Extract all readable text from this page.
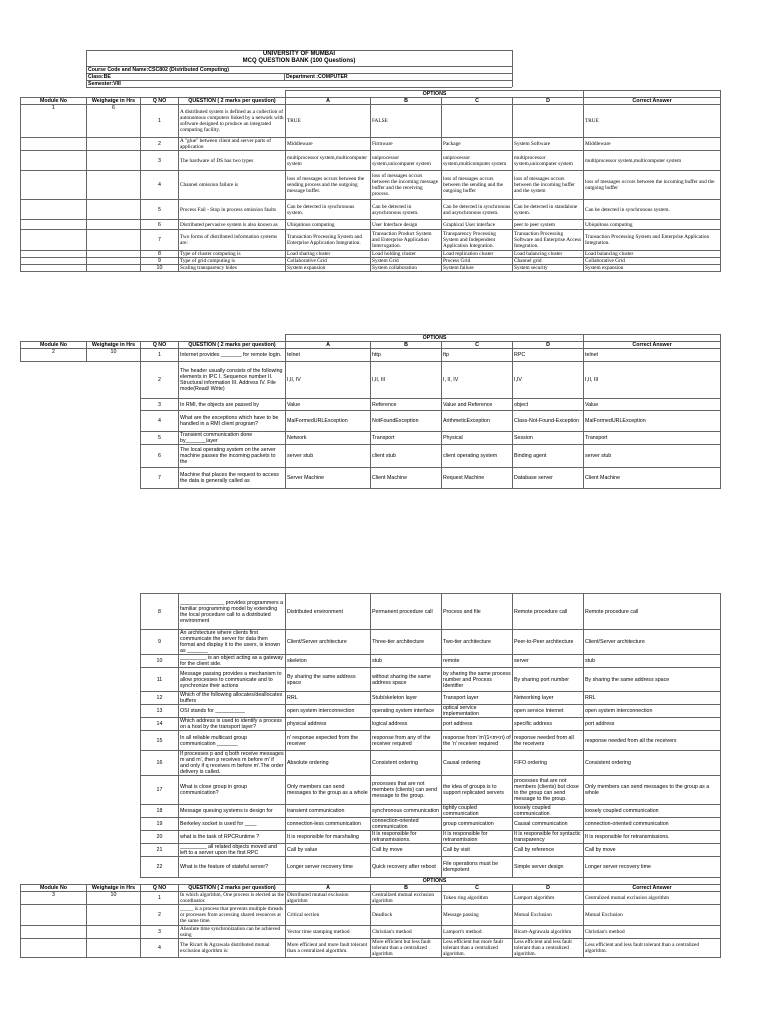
UNIVERSITY OF MUMBAI
MCQ QUESTION BANK (100 Questions)
Course Code and Name:CSC802 (Distributed Computing)
Class:BE	Department :COMPUTER
Semester:VIII
				OPTIONS				
Module No	Weighatge in Hrs	Q NO	QUESTION ( 2 marks per question)	A	B	C	D	Correct Answer
1	6	1	A distributed system is defined as a collection of autonomous computers linked by a network with software designed to produce an integrated computing facility.	TRUE	FALSE			TRUE
		2	A "glue" between client and server parts of application	Middleware	Firmware	Package	System Software	Middleware
		3	The hardware of DS has two types	multiprocessor system,multicomputer system	uniprocessor system,unicomputer system	uniprocessor system,multicomputer system	multiprocessor system,unicomputer system	multiprocessor system,multicomputer system
		4	Channel omission failure is	loss of messages occurs between the sending process and the outgoing message buffer.	loss of messages occurs between the incoming message buffer and the receiving process.	loss of messages occurs between the sending and the outgoing buffer	loss of messages occurs between the incoming buffer and the system	loss of messages occurs between the incoming buffer and the outgoing buffer
		5	Process Fail - Stop in process omission faults	Can be detected in synchronous system.	Can be detected in asynchronous system.	Can be detected in synchronous and asynchronous system.	Can be detected in standalone system.	Can be detected in synchronous system.
		6	Distributed pervasive system is also known as	Ubiquitous computing	User Interface design	Graphical User interface	peer to peer system	Ubiquitous computing
		7	Two forms of distributed information systems are:	Transaction Processing System and Enterprise Application Integration.	Transaction Product System and Enterprise Application Interrogation.	Transparency Processing System and Independent Application Integration.	Transaction Processing Software and Enterprise Access Integration.	Transaction Processing System and Enterprise Application Integration.
		8	Type of cluster computing is	Load sharing cluster	Load holding cluster	Load replication cluster	Load balancing cluster	Load balancing cluster
		9	Type of grid computing is	Collaborative Grid	System Grid	Process Grid	Channel grid	Collaborative Grid
		10	Scaling transparency hides	System expansion	System collaboration	System failure	System security	System expansion
				OPTIONS				
Module No	Weighatge in Hrs	Q NO	QUESTION ( 2 marks per question)	A	B	C	D	Correct Answer
2	10	1	Internet provides _______ for remote login.	telnet	http	ftp	RPC	telnet
		2	The header usually consists of the following elements in IPC I. Sequence number II. Structural information III. Address IV. File mode(Read/ Write)	I,II, IV	I,II, III	I, II, IV	I,IV	I,II, III
		3	In RMI, the objects are passed by	Value	Reference	Value and Reference	object	Value
		4	What are the exceptions which have to be handled in a RMI client program?	MalFormedURLException	NotFoundException	ArithmeticException	Class-Not-Found-Exception	MalFormedURLException
		5	Transient communication done by_______layer	Network	Transport	Physical	Session	Transport
		6	The local operating system on the server machine passes the incoming packets to the	server stub	client stub	client operating system	Binding agent	server stub
		7	Machine that places the request to access the data is generally called as	Server Machine	Client Machine	Request Machine	Database server	Client Machine
		8	_______________ provides programmers a familiar programming model by extending the local procedure call to a distributed environment	Distributed environment	Permanent procedure call	Process and file	Remote procedure call	Remote procedure call
		9	An architecture where clients first communicate the server for data then format and display it to the users, is known as _______	Client/Server architecture	Three-tier architecture	Two-tier architecture	Peer-to-Peer architecture	Client/Server architecture
		10	_________ is an object acting as a gateway for the client side.	skeleton	stub	remote	server	stub
		11	Message passing provides a mechanism to allow processes to communicate and to synchronize their actions	By sharing the same address space	without sharing the same address space	by sharing the same process number and Process Identifier	By sharing port number	By sharing the same address space
		12	Which of the following allocates/deallocates buffers	RRL	Stub/skeleton layer	Transport layer	Networking layer	RRL
		13	OSI stands for __________	open system interconnection	operating system interface	optical service implementation	open service Internet	open system interconnection
		14	Which address is used to identify a process on a host by the transport layer?	physical address	logical address	port address	specific address	port address
		15	In all reliable multicast group communication _______	n' response expected from the receiver	response from any of the receiver required	response from 'm'(1<m<n) of the 'n' receiver required	response needed from all the receivers	response needed from all the receivers
		16	If processes p and q both receive messages m and m', then p receives m before m' if and only if q receives m before m'.The order delivery is called.	Absolute ordering	Consistent ordering	Causal ordering	FIFO ordering	Consistent ordering
		17	What is close group in group communication?	Only members can send messages to the group as a whole	processes that are not members (clients) can send message to the group.	the idea of groups is to support replicated servers	processes that are not members (clients) but close to the group can send message to the group.	Only members can send messages to the group as a whole
		18	Message queuing systems is design for	transient communication	synchronous communication	tightly coupled communication	loosely coupled communication	loosely coupled communication
		19	Berkeley socket is used for ____	connection-less communication	connection-oriented communication	group communication	Causal communication	connection-oriented communication
		20	what is the task of RPCRuntime ?	It is responsible for marshaling	It is responsible for retransmissions.	It is responsible for retransmission	It is responsible for syntactic transparency	It is responsible for retransmissions.
		21	_________ all related objects moved and left to a server upon the first RPC	Call by value	Call by move	Call by visit	Call by reference	Call by move
		22	What is the feature of stateful server?	Longer server recovery time	Quick recovery after reboot	File operations must be idempotent	Simple server design	Longer server recovery time
				OPTIONS				
Module No	Weighatge in Hrs	Q NO	QUESTION ( 2 marks per question)	A	B	C	D	Correct Answer
3	10	1	In which algorithm, One process is elected as the coordinator.	Distributed mutual exclusion algorithm	Centralized mutual exclusion algorithm	Token ring algorithm	Lamport algorithm	Centralized mutual exclusion algorithm
		2	_____ is a process that prevents multiple threads or processes from accessing shared resources at the same time.	Critical section	Deadlock	Message passing	Mutual Exclusion	Mutual Exclusion
		3	Absolute time synchronization can be achieved using	Vector time stamping method	Christian's method	Lamport's method	Ricart-Agrawala algorithm	Christian's method
		4	The Ricart & Agrawala distributed mutual exclusion algorithm is:	More efficient and more fault tolerant than a centralized algorithm.	More efficient but less fault tolerant than a centralized algorithm	Less efficient but more fault tolerant than a centralized algorithm.	Less efficient and less fault tolerant than a centralized algorithm.	Less efficient and less fault tolerant than a centralized algorithm.
